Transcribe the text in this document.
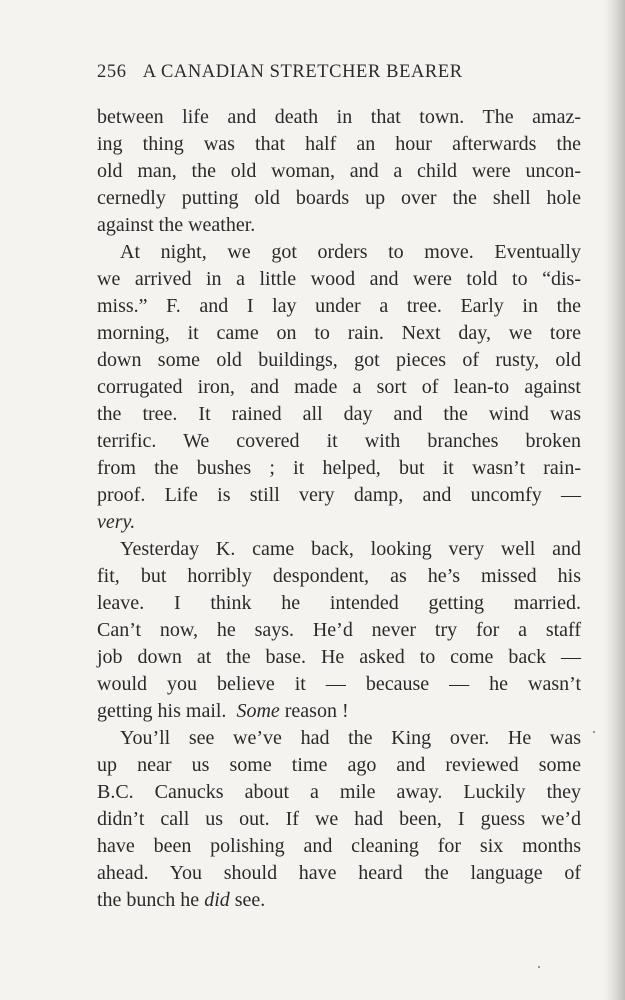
256 A CANADIAN STRETCHER BEARER
between life and death in that town. The amaz-
ing thing was that half an hour afterwards the
old man, the old woman, and a child were uncon-
cernedly putting old boards up over the shell hole
against the weather.
At night, we got orders to move. Eventually
we arrived in a little wood and were told to “dis-
miss.” F. and I lay under a tree. Early in the
morning, it came on to rain. Next day, we tore
down some old buildings, got pieces of rusty, old
corrugated iron, and made a sort of lean-to against
the tree. It rained all day and the wind was
terrific. We covered it with branches broken
from the bushes ; it helped, but it wasn’t rain-
proof. Life is still very damp, and uncomfy —
very.
Yesterday K. came back, looking very well and
fit, but horribly despondent, as he’s missed his
leave. I think he intended getting married.
Can’t now, he says. He’d never try for a staff
job down at the base. He asked to come back —
would you believe it — because — he wasn’t
getting his mail.  Some reason !
You’ll see we’ve had the King over. He was
up near us some time ago and reviewed some
B.C. Canucks about a mile away. Luckily they
didn’t call us out. If we had been, I guess we’d
have been polishing and cleaning for six months
ahead. You should have heard the language of
the bunch he did see.
